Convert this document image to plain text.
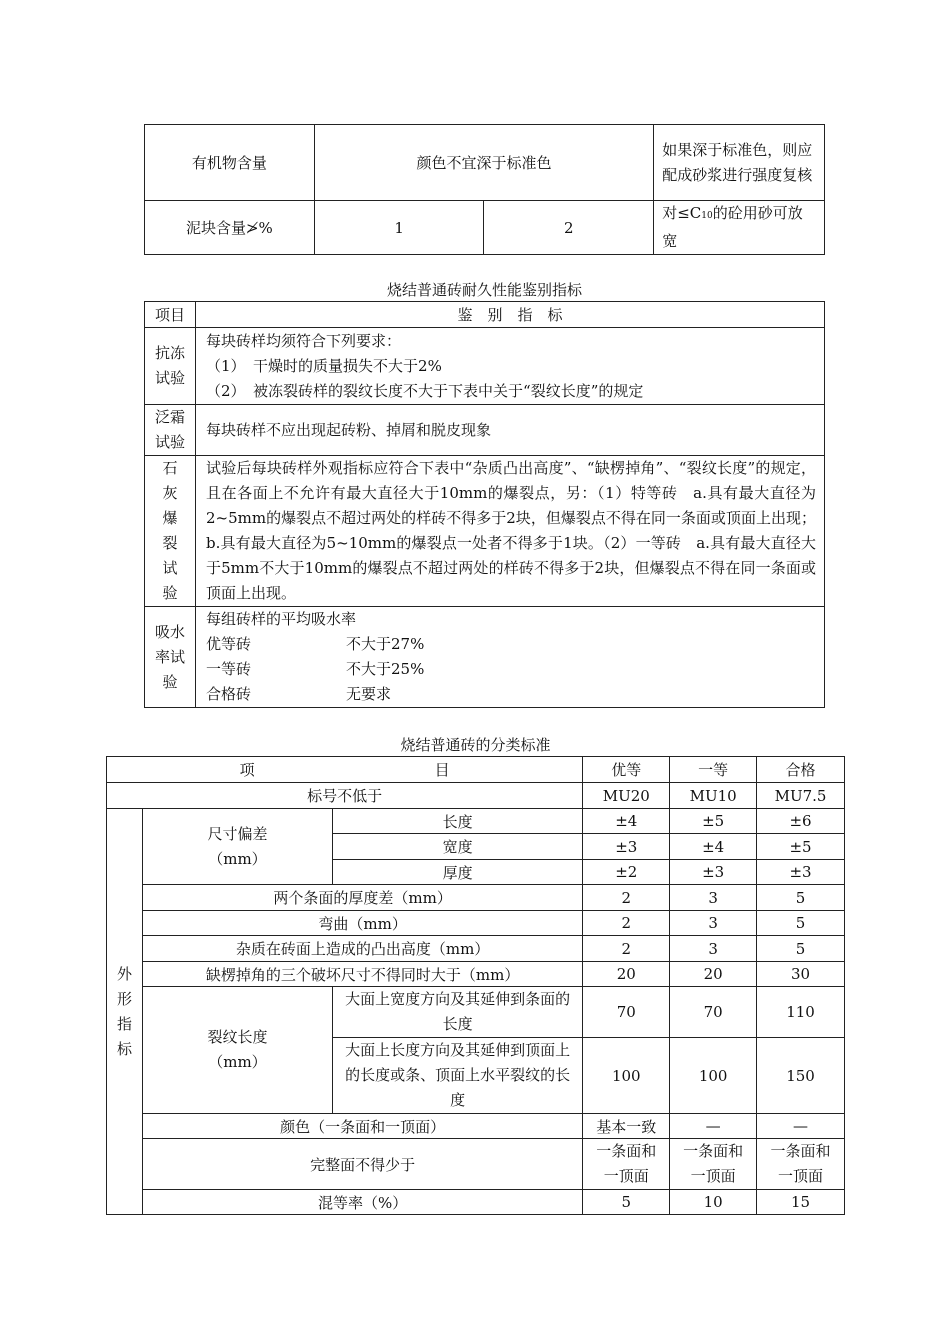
有机物含量	颜色不宜深于标准色		如果深于标准色，则应配成砂浆进行强度复核
泥块含量≯%	1	2	对≤C10的砼用砂可放宽
烧结普通砖耐久性能鉴别指标
项目	鉴　别　指　标
抗冻试验	每块砖样均须符合下列要求：
（1）　干燥时的质量损失不大于2%
（2）　被冻裂砖样的裂纹长度不大于下表中关于“裂纹长度”的规定

泛霜试验	每块砖样不应出现起砖粉、掉屑和脱皮现象
石灰爆裂试验	试验后每块砖样外观指标应符合下表中“杂质凸出高度”、“缺楞掉角”、“裂纹长度”的规定，且在各面上不允许有最大直径大于10mm的爆裂点，另：（1）特等砖　a.具有最大直径为2~5mm的爆裂点不超过两处的样砖不得多于2块，但爆裂点不得在同一条面或顶面上出现；b.具有最大直径为5~10mm的爆裂点一处者不得多于1块。（2）一等砖　a.具有最大直径大于5mm不大于10mm的爆裂点不超过两处的样砖不得多于2块，但爆裂点不得在同一条面或顶面上出现。
吸水率试验	每组砖样的平均吸水率
优等砖 不大于27%
一等砖 不大于25%
合格砖 无要求
烧结普通砖的分类标准
项 目			优等	一等	合格
标号不低于			MU20	MU10	MU7.5
外形指标	尺寸偏差（mm）	长度	±4	±5	±6
		宽度	±3	±4	±5
		厚度	±2	±3	±3
	两个条面的厚度差（mm）		2	3	5
	弯曲（mm）		2	3	5
	杂质在砖面上造成的凸出高度（mm）		2	3	5
	缺楞掉角的三个破坏尺寸不得同时大于（mm）		20	20	30
	裂纹长度（mm）	大面上宽度方向及其延伸到条面的长度	70	70	110
		大面上长度方向及其延伸到顶面上的长度或条、顶面上水平裂纹的长度	100	100	150
	颜色（一条面和一顶面）		基本一致	—	—
	完整面不得少于		一条面和一顶面	一条面和一顶面	一条面和一顶面
	混等率（%）		5	10	15
